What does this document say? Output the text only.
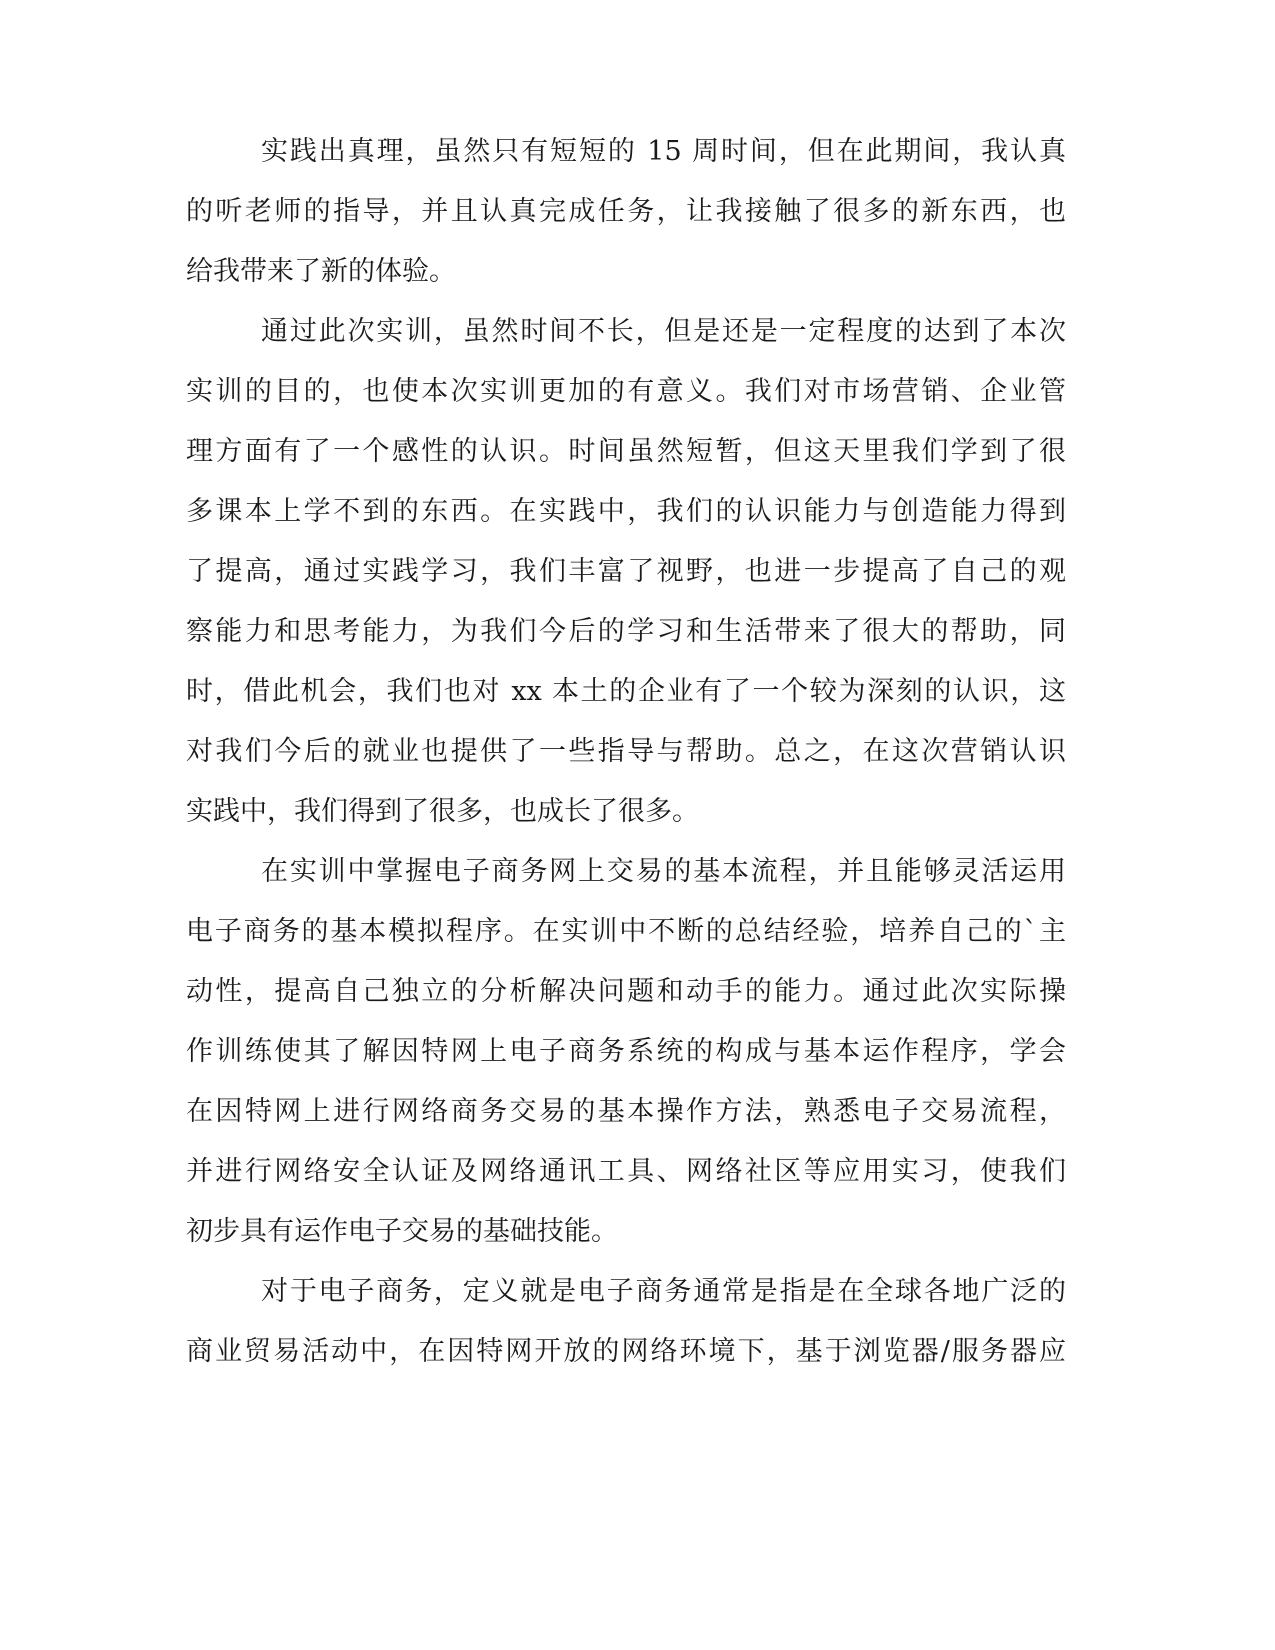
实践出真理，虽然只有短短的 15 周时间，但在此期间，我认真
的听老师的指导，并且认真完成任务，让我接触了很多的新东西，也
给我带来了新的体验。
通过此次实训，虽然时间不长，但是还是一定程度的达到了本次
实训的目的，也使本次实训更加的有意义。我们对市场营销、企业管
理方面有了一个感性的认识。时间虽然短暂，但这天里我们学到了很
多课本上学不到的东西。在实践中，我们的认识能力与创造能力得到
了提高，通过实践学习，我们丰富了视野，也进一步提高了自己的观
察能力和思考能力，为我们今后的学习和生活带来了很大的帮助，同
时，借此机会，我们也对 xx 本土的企业有了一个较为深刻的认识，这
对我们今后的就业也提供了一些指导与帮助。总之，在这次营销认识
实践中，我们得到了很多，也成长了很多。
在实训中掌握电子商务网上交易的基本流程，并且能够灵活运用
电子商务的基本模拟程序。在实训中不断的总结经验，培养自己的`主
动性，提高自己独立的分析解决问题和动手的能力。通过此次实际操
作训练使其了解因特网上电子商务系统的构成与基本运作程序，学会
在因特网上进行网络商务交易的基本操作方法，熟悉电子交易流程，
并进行网络安全认证及网络通讯工具、网络社区等应用实习，使我们
初步具有运作电子交易的基础技能。
对于电子商务，定义就是电子商务通常是指是在全球各地广泛的
商业贸易活动中，在因特网开放的网络环境下，基于浏览器/服务器应
